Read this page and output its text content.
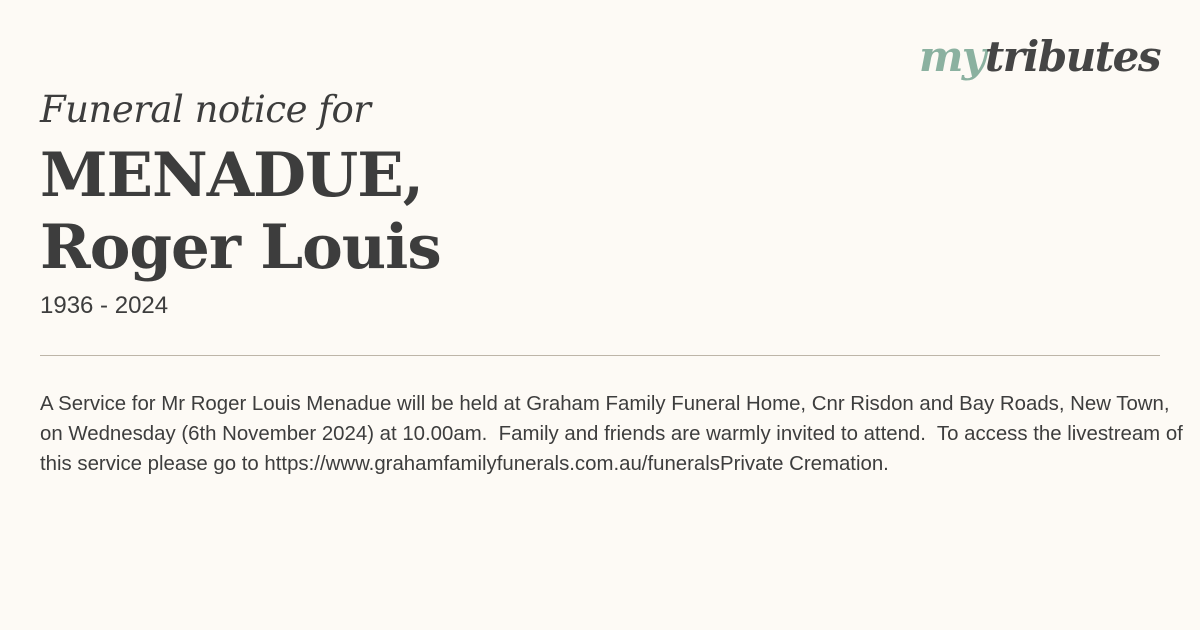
mytributes
Funeral notice for
MENADUE,
Roger Louis
1936 - 2024

A Service for Mr Roger Louis Menadue will be held at Graham Family Funeral Home, Cnr Risdon and Bay Roads, New Town, on Wednesday (6th November 2024) at 10.00am.  Family and friends are warmly invited to attend.  To access the livestream of this service please go to https://www.grahamfamilyfunerals.com.au/funeralsPrivate Cremation.
